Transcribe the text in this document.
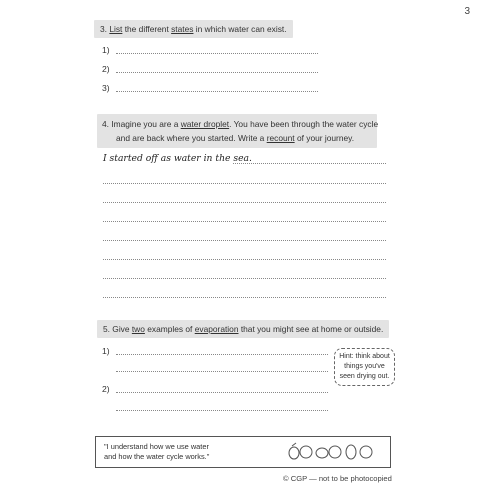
3
3. List the different states in which water can exist.
1)
2)
3)
4. Imagine you are a water droplet. You have been through the water cycle
and are back where you started. Write a recount of your journey.
I started off as water in the sea.
5. Give two examples of evaporation that you might see at home or outside.
1)
2)
Hint: think about
things you've
seen drying out.
"I understand how we use water
and how the water cycle works."
© CGP — not to be photocopied
